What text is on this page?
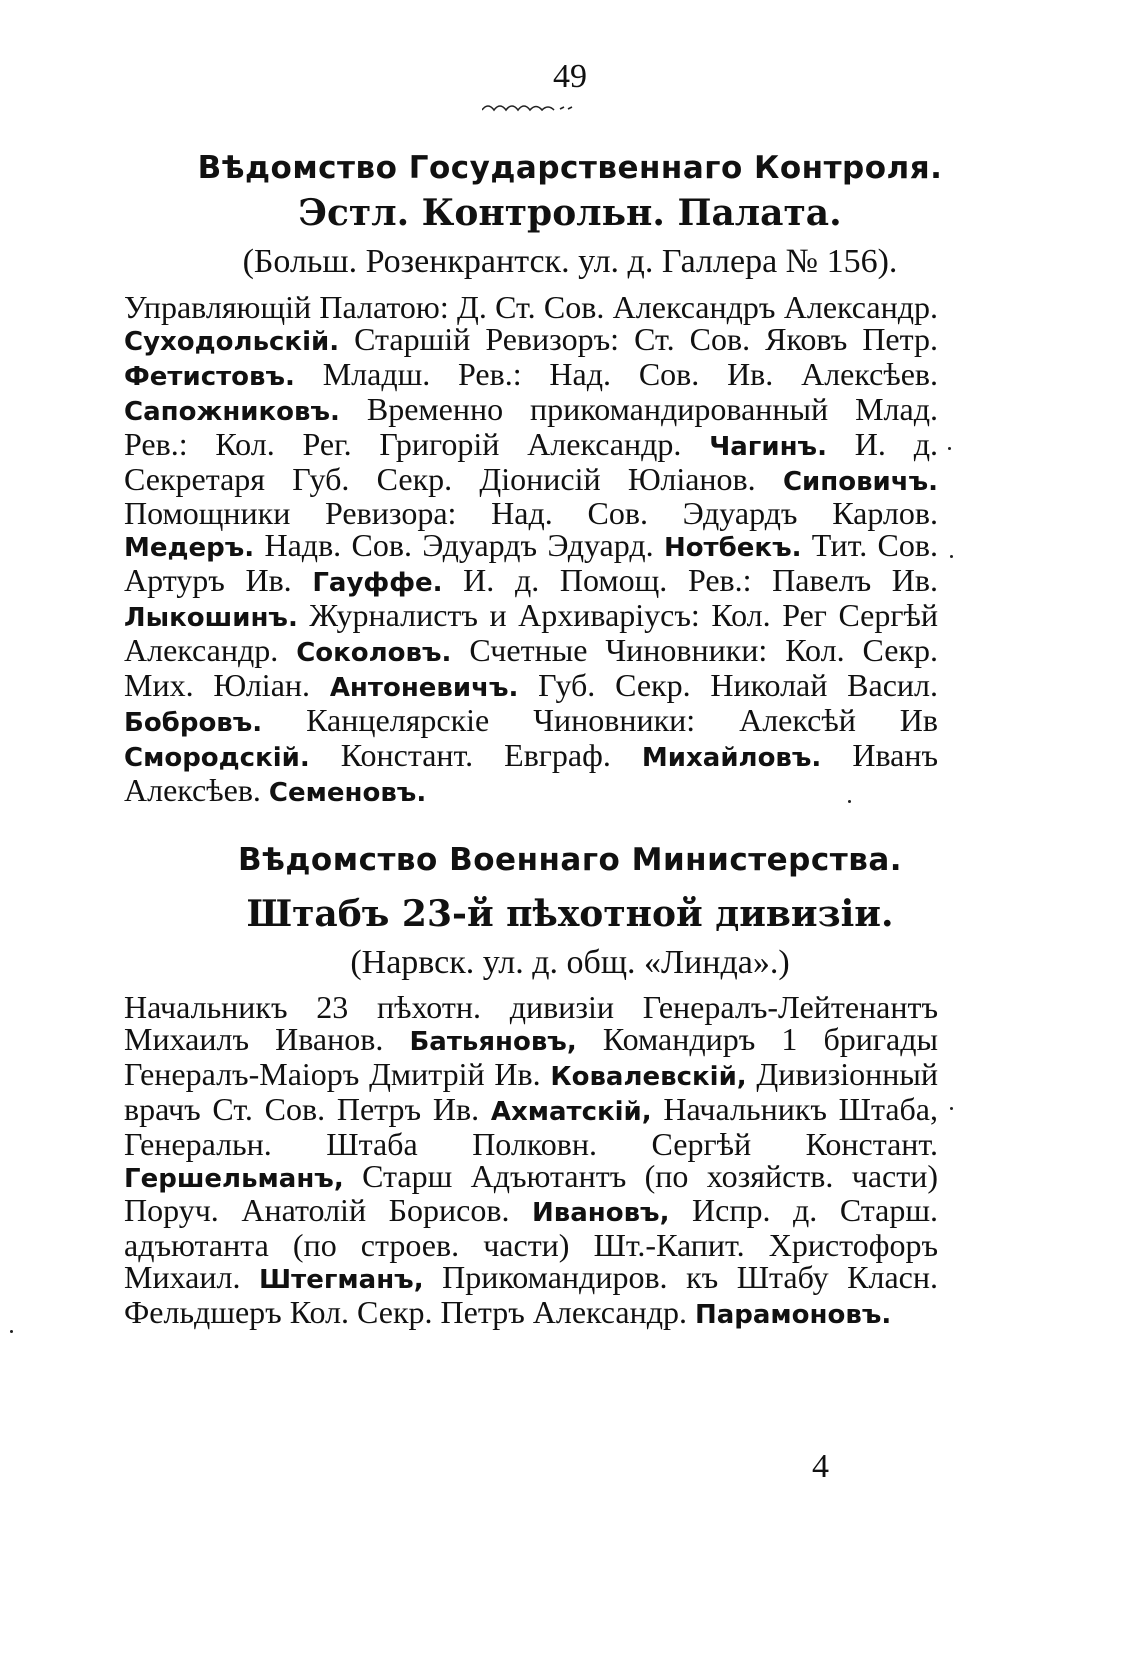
49
Вѣдомство Государственнаго Контроля.
Эстл. Контрольн. Палата.
(Больш. Розенкрантск. ул. д. Галлера № 156).

Управляющій Палатою: Д. Ст. Сов. Александръ Александр. Суходольскій. Старшій Ревизоръ: Ст. Сов. Яковъ Петр. Фетистовъ. Младш. Рев.: Над. Сов. Ив. Алексѣев. Сапожниковъ. Временно прикомандированный Млад. Рев.: Кол. Рег. Григорій Александр. Чагинъ. И. д. Секретаря Губ. Секр. Діонисій Юліанов. Сиповичъ. Помощники Ревизора: Над. Сов. Эдуардъ Карлов. Медеръ. Надв. Сов. Эдуардъ Эдуард. Нотбекъ. Тит. Сов. Артуръ Ив. Гауффе. И. д. Помощ. Рев.: Павелъ Ив. Лыкошинъ. Журналистъ и Архиваріусъ: Кол. Рег Сергѣй Александр. Соколовъ. Счетные Чиновники: Кол. Секр. Мих. Юліан. Антоневичъ. Губ. Секр. Николай Васил. Бобровъ. Канцелярскіе Чиновники: Алексѣй Ив Смородскій. Констант. Евграф. Михайловъ. Иванъ Алексѣев. Семеновъ.

Вѣдомство Военнаго Министерства.
Штабъ 23-й пѣхотной дивизіи.
(Нарвск. ул. д. общ. «Линда».)

Начальникъ 23 пѣхотн. дивизіи Генералъ-Лейтенантъ Михаилъ Иванов. Батьяновъ, Командиръ 1 бригады Генералъ-Маіоръ Дмитрій Ив. Ковалевскій, Дивизіонный врачъ Ст. Сов. Петръ Ив. Ахматскій, Начальникъ Штаба, Генеральн. Штаба Полковн. Сергѣй Констант. Гершельманъ, Старш Адъютантъ (по хозяйств. части) Поруч. Анатолій Борисов. Ивановъ, Испр. д. Старш. адъютанта (по строев. части) Шт.-Капит. Христофоръ Михаил. Штегманъ, Прикомандиров. къ Штабу Класн. Фельдшеръ Кол. Секр. Петръ Александр. Парамоновъ.

4
